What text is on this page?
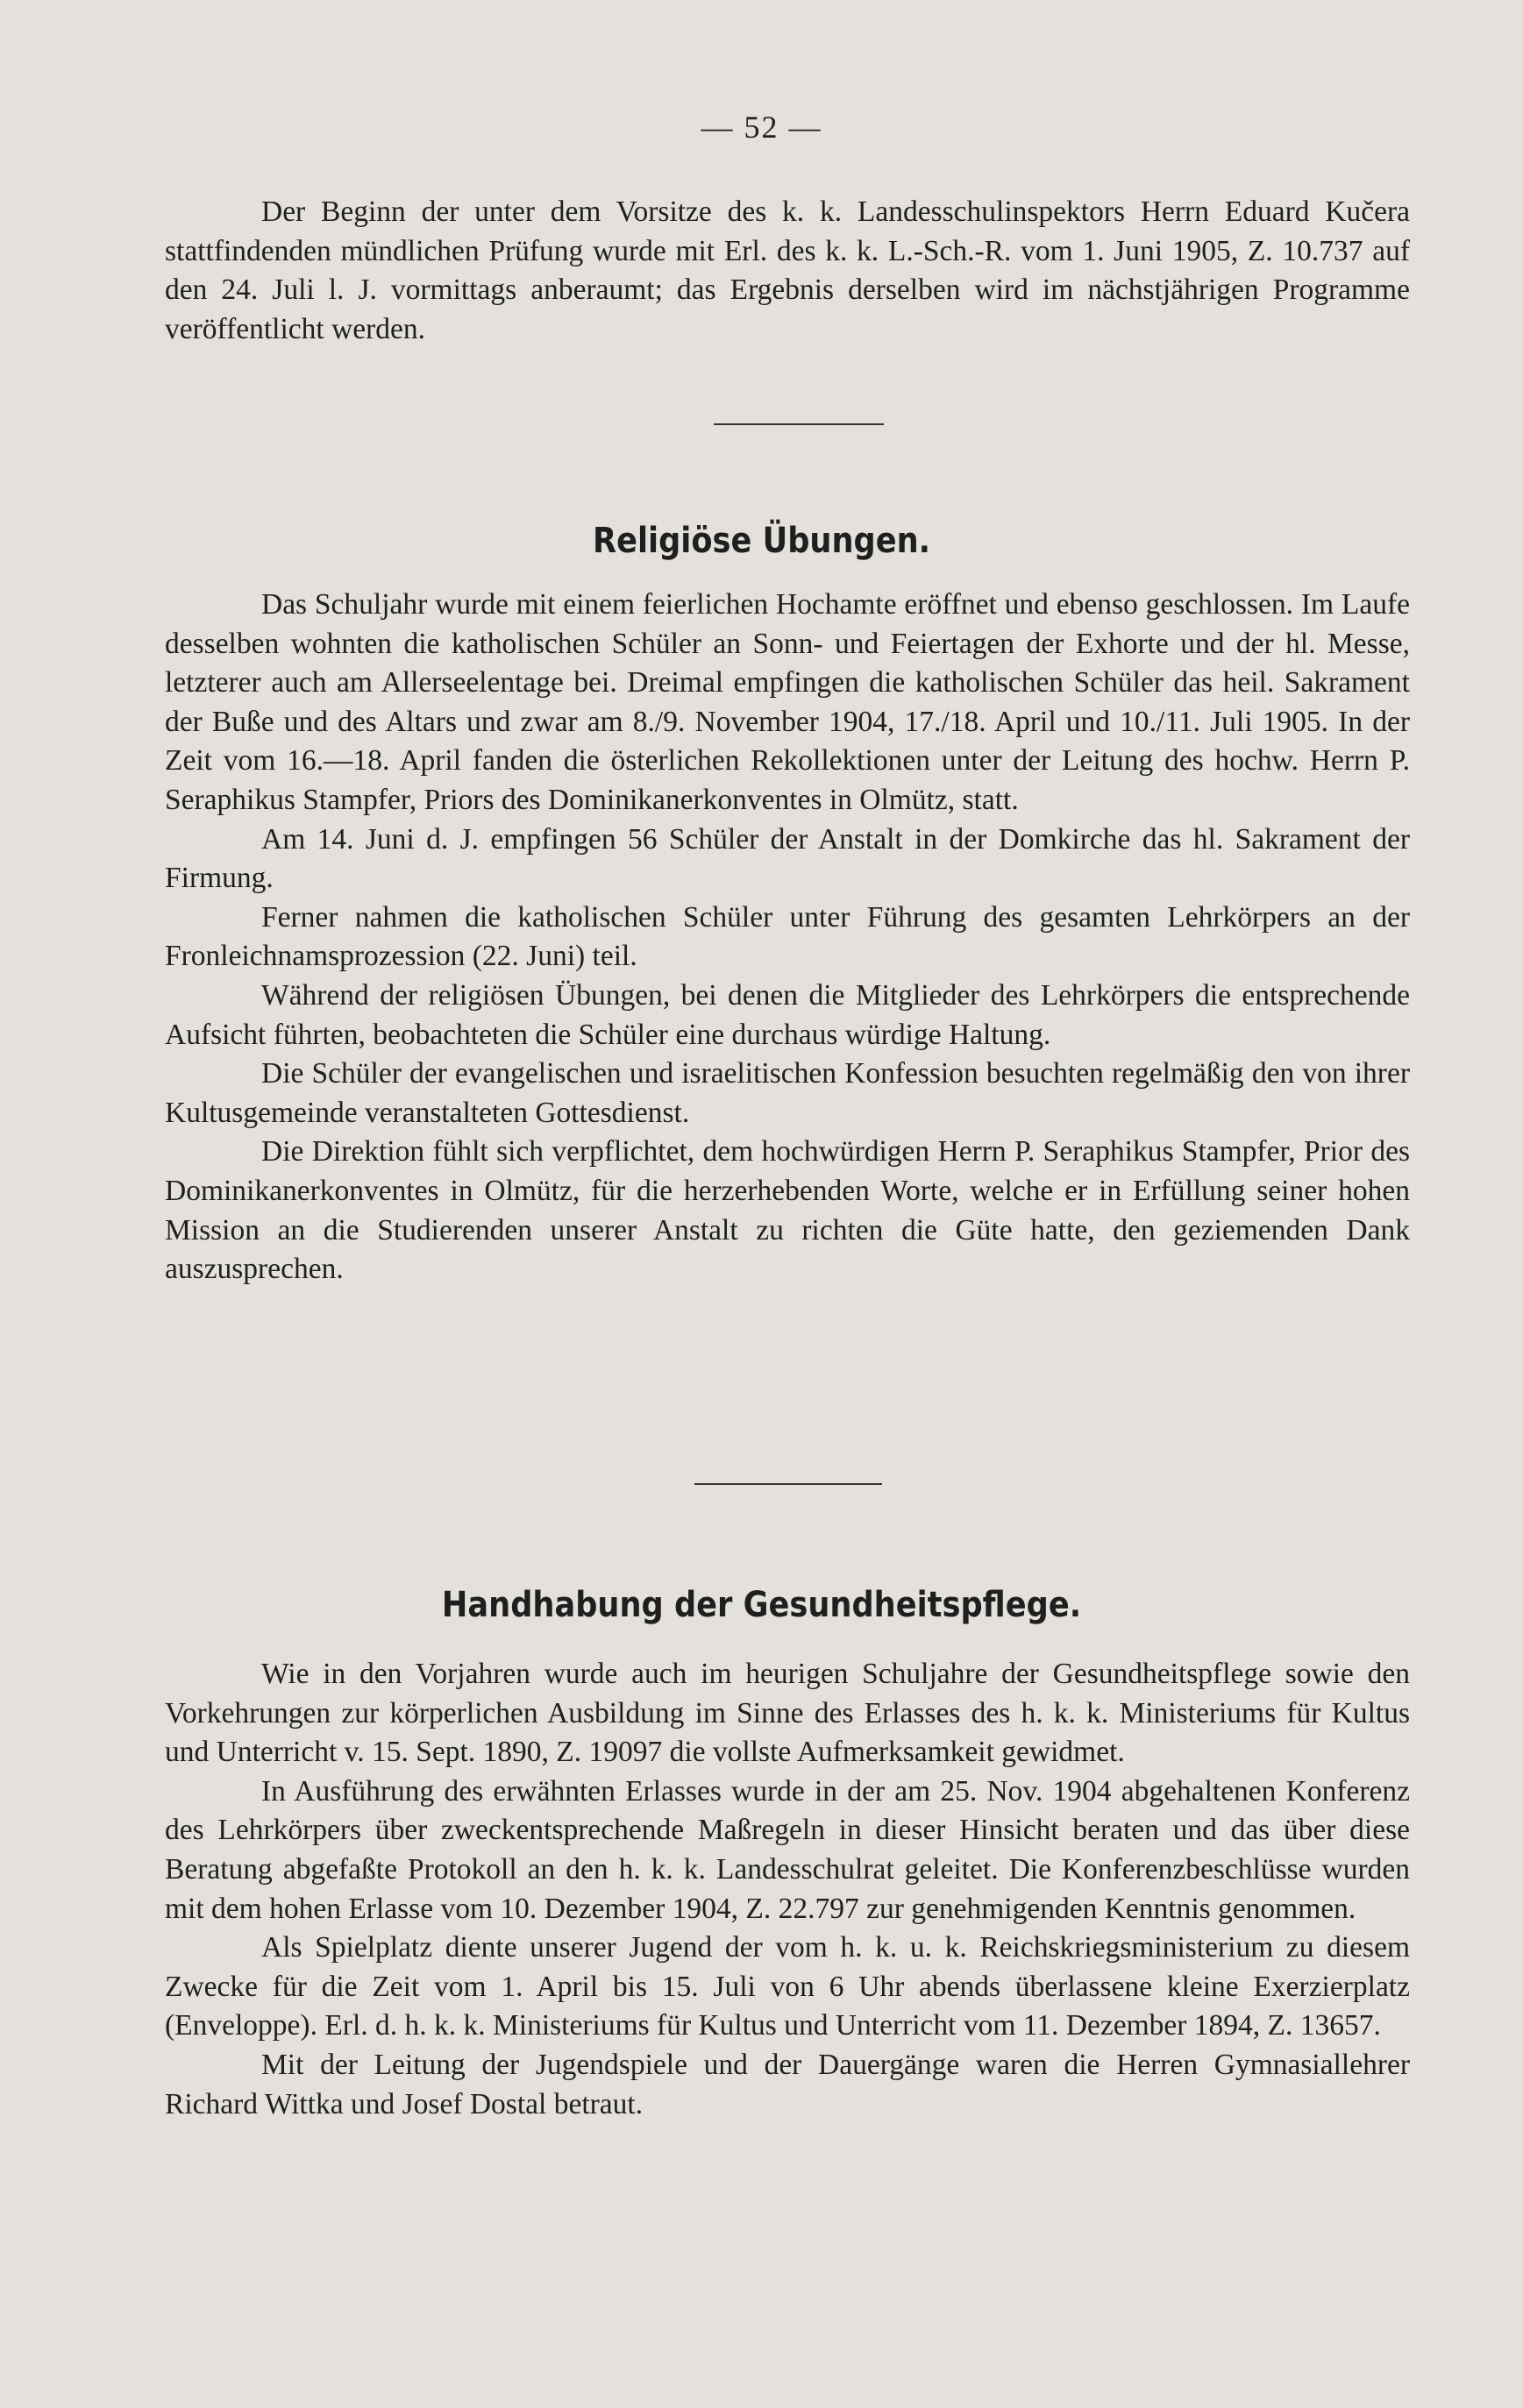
— 52 —

Der Beginn der unter dem Vorsitze des k. k. Landesschulinspektors Herrn Eduard Kučera stattfindenden mündlichen Prüfung wurde mit Erl. des k. k. L.-Sch.-R. vom 1. Juni 1905, Z. 10.737 auf den 24. Juli l. J. vormittags anberaumt; das Ergebnis derselben wird im nächstjährigen Programme veröffentlicht werden.

Religiöse Übungen.

Das Schuljahr wurde mit einem feierlichen Hochamte eröffnet und ebenso geschlossen. Im Laufe desselben wohnten die katholischen Schüler an Sonn- und Feiertagen der Exhorte und der hl. Messe, letzterer auch am Allerseelentage bei. Dreimal empfingen die katholischen Schüler das heil. Sakrament der Buße und des Altars und zwar am 8./9. November 1904, 17./18. April und 10./11. Juli 1905. In der Zeit vom 16.—18. April fanden die österlichen Rekollektionen unter der Leitung des hochw. Herrn P. Seraphikus Stampfer, Priors des Dominikanerkonventes in Olmütz, statt.

Am 14. Juni d. J. empfingen 56 Schüler der Anstalt in der Domkirche das hl. Sakrament der Firmung.

Ferner nahmen die katholischen Schüler unter Führung des gesamten Lehrkörpers an der Fronleichnamsprozession (22. Juni) teil.

Während der religiösen Übungen, bei denen die Mitglieder des Lehrkörpers die entsprechende Aufsicht führten, beobachteten die Schüler eine durchaus würdige Haltung.

Die Schüler der evangelischen und israelitischen Konfession besuchten regelmäßig den von ihrer Kultusgemeinde veranstalteten Gottesdienst.

Die Direktion fühlt sich verpflichtet, dem hochwürdigen Herrn P. Seraphikus Stampfer, Prior des Dominikanerkonventes in Olmütz, für die herzerhebenden Worte, welche er in Erfüllung seiner hohen Mission an die Studierenden unserer Anstalt zu richten die Güte hatte, den geziemenden Dank auszusprechen.

Handhabung der Gesundheitspflege.

Wie in den Vorjahren wurde auch im heurigen Schuljahre der Gesundheitspflege sowie den Vorkehrungen zur körperlichen Ausbildung im Sinne des Erlasses des h. k. k. Ministeriums für Kultus und Unterricht v. 15. Sept. 1890, Z. 19097 die vollste Aufmerksamkeit gewidmet.

In Ausführung des erwähnten Erlasses wurde in der am 25. Nov. 1904 abgehaltenen Konferenz des Lehrkörpers über zweckentsprechende Maßregeln in dieser Hinsicht beraten und das über diese Beratung abgefaßte Protokoll an den h. k. k. Landesschulrat geleitet. Die Konferenzbeschlüsse wurden mit dem hohen Erlasse vom 10. Dezember 1904, Z. 22.797 zur genehmigenden Kenntnis genommen.

Als Spielplatz diente unserer Jugend der vom h. k. u. k. Reichskriegsministerium zu diesem Zwecke für die Zeit vom 1. April bis 15. Juli von 6 Uhr abends überlassene kleine Exerzierplatz (Enveloppe). Erl. d. h. k. k. Ministeriums für Kultus und Unterricht vom 11. Dezember 1894, Z. 13657.

Mit der Leitung der Jugendspiele und der Dauergänge waren die Herren Gymnasiallehrer Richard Wittka und Josef Dostal betraut.
